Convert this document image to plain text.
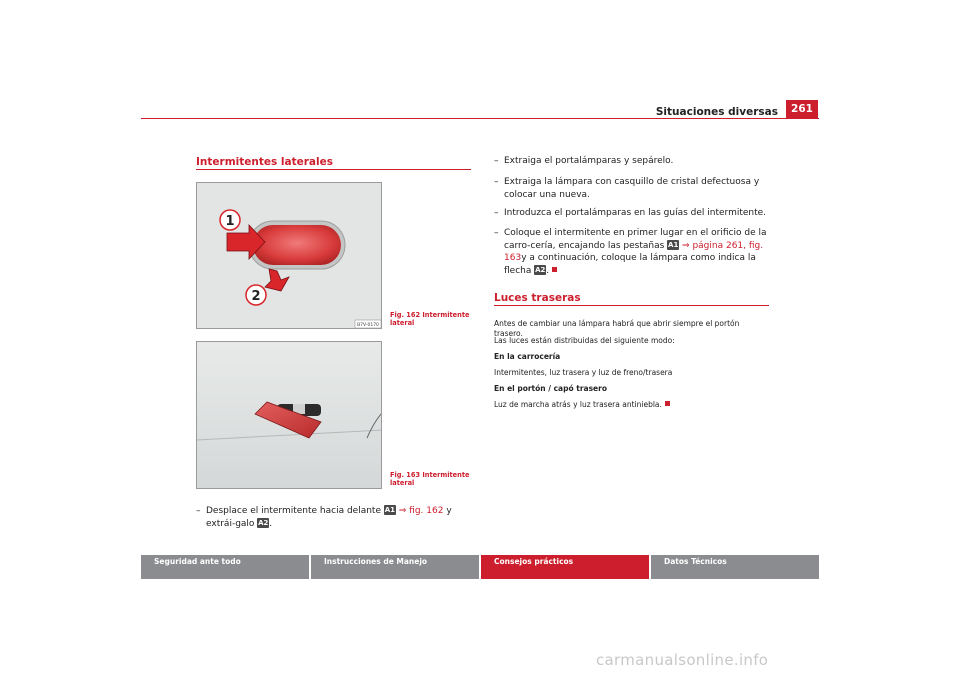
Situaciones diversas	261
Intermitentes laterales
1
2
B7V-0170
Fig. 162 Intermitente lateral
Fig. 163 Intermitente lateral
– Desplace el intermitente hacia delante A1 ⇒ fig. 162 y extrái-galo A2.
– Extraiga el portalámparas y sepárelo.
– Extraiga la lámpara con casquillo de cristal defectuosa y colocar una nueva.
– Introduzca el portalámparas en las guías del intermitente.
– Coloque el intermitente en primer lugar en el orificio de la carro-cería, encajando las pestañas A1 ⇒ página 261, fig. 163y a continuación, coloque la lámpara como indica la flecha A2.
Luces traseras
Antes de cambiar una lámpara habrá que abrir siempre el portón trasero.
Las luces están distribuidas del siguiente modo:
En la carrocería
Intermitentes, luz trasera y luz de freno/trasera
En el portón / capó trasero
Luz de marcha atrás y luz trasera antiniebla.
Seguridad ante todo	Instrucciones de Manejo	Consejos prácticos	Datos Técnicos
carmanualsonline.info
